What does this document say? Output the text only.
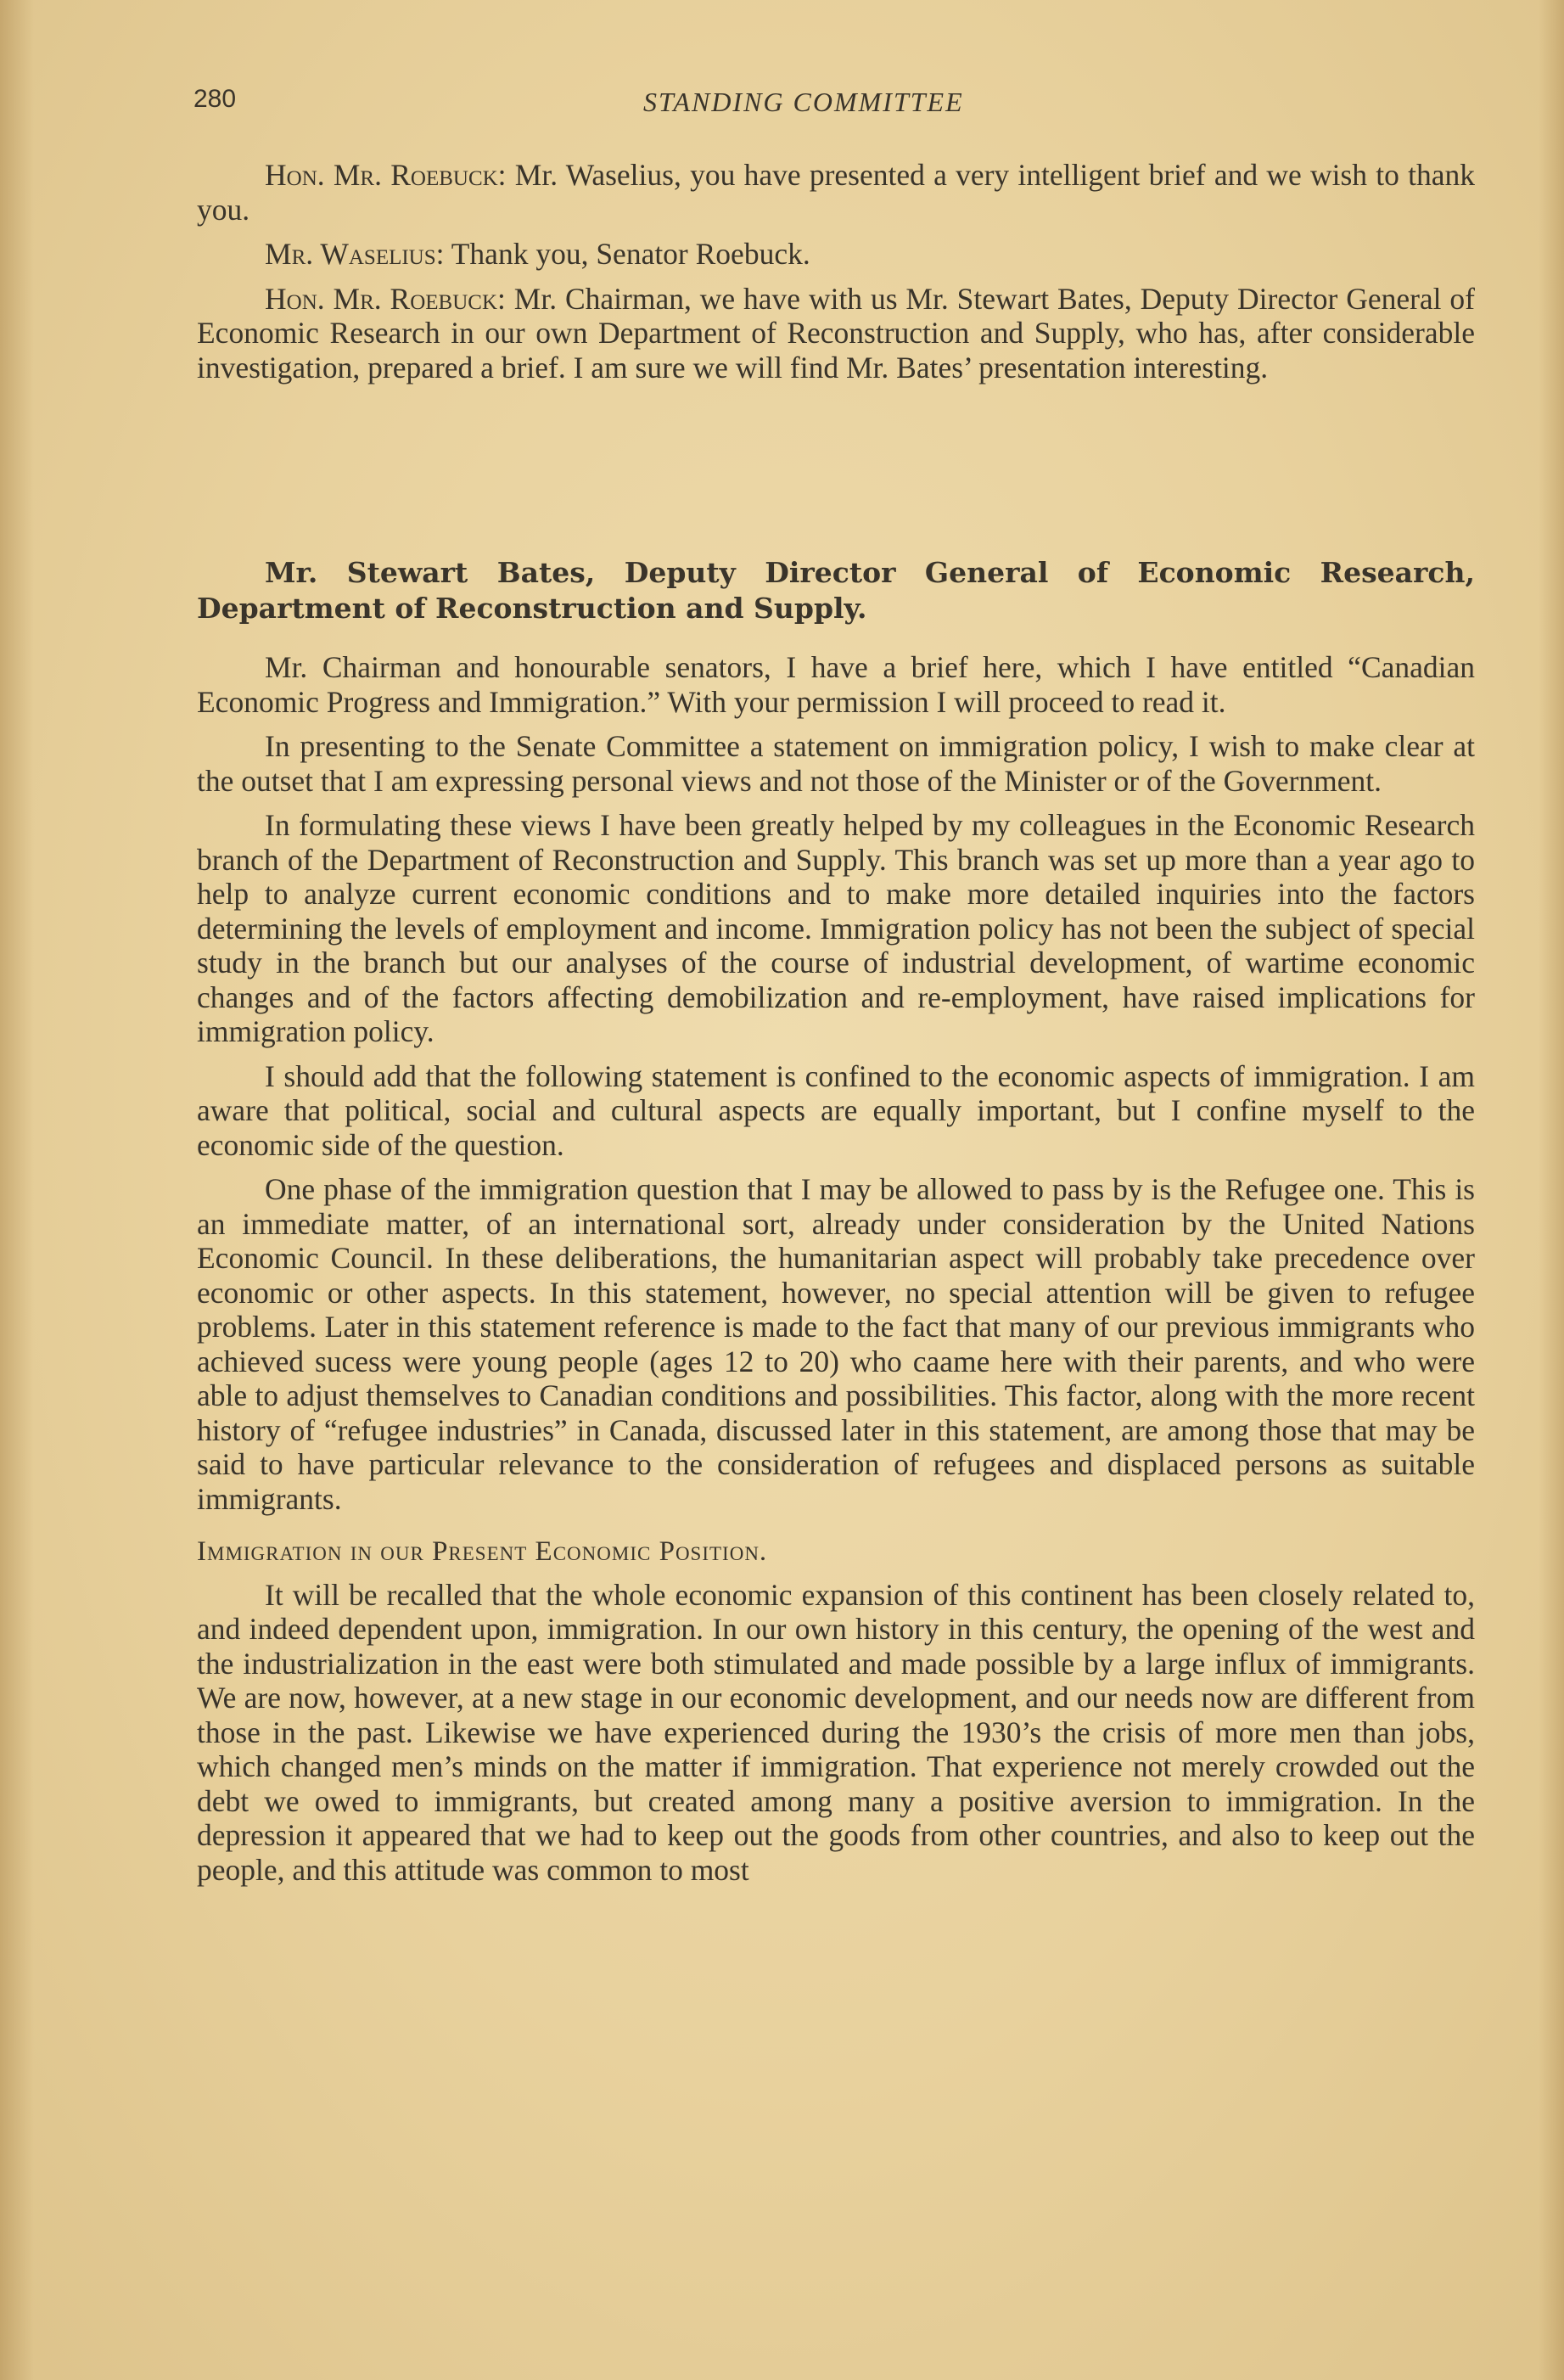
280	STANDING COMMITTEE

Hon. Mr. Roebuck: Mr. Waselius, you have presented a very intelligent brief and we wish to thank you.

Mr. Waselius: Thank you, Senator Roebuck.

Hon. Mr. Roebuck: Mr. Chairman, we have with us Mr. Stewart Bates, Deputy Director General of Economic Research in our own Department of Reconstruction and Supply, who has, after considerable investigation, prepared a brief. I am sure we will find Mr. Bates’ presentation interesting.

Mr. Stewart Bates, Deputy Director General of Economic Research, Department of Reconstruction and Supply.

Mr. Chairman and honourable senators, I have a brief here, which I have entitled “Canadian Economic Progress and Immigration.” With your permission I will proceed to read it.

In presenting to the Senate Committee a statement on immigration policy, I wish to make clear at the outset that I am expressing personal views and not those of the Minister or of the Government.

In formulating these views I have been greatly helped by my colleagues in the Economic Research branch of the Department of Reconstruction and Supply. This branch was set up more than a year ago to help to analyze current economic conditions and to make more detailed inquiries into the factors determining the levels of employment and income. Immigration policy has not been the subject of special study in the branch but our analyses of the course of industrial development, of wartime economic changes and of the factors affecting demobilization and re-employment, have raised implications for immigration policy.

I should add that the following statement is confined to the economic aspects of immigration. I am aware that political, social and cultural aspects are equally important, but I confine myself to the economic side of the question.

One phase of the immigration question that I may be allowed to pass by is the Refugee one. This is an immediate matter, of an international sort, already under consideration by the United Nations Economic Council. In these deliberations, the humanitarian aspect will probably take precedence over economic or other aspects. In this statement, however, no special attention will be given to refugee problems. Later in this statement reference is made to the fact that many of our previous immigrants who achieved sucess were young people (ages 12 to 20) who caame here with their parents, and who were able to adjust themselves to Canadian conditions and possibilities. This factor, along with the more recent history of “refugee industries” in Canada, discussed later in this statement, are among those that may be said to have particular relevance to the consideration of refugees and displaced persons as suitable immigrants.

Immigration in our Present Economic Position.

It will be recalled that the whole economic expansion of this continent has been closely related to, and indeed dependent upon, immigration. In our own history in this century, the opening of the west and the industrialization in the east were both stimulated and made possible by a large influx of immigrants. We are now, however, at a new stage in our economic development, and our needs now are different from those in the past. Likewise we have experienced during the 1930’s the crisis of more men than jobs, which changed men’s minds on the matter if immigration. That experience not merely crowded out the debt we owed to immigrants, but created among many a positive aversion to immigration. In the depression it appeared that we had to keep out the goods from other countries, and also to keep out the people, and this attitude was common to most
